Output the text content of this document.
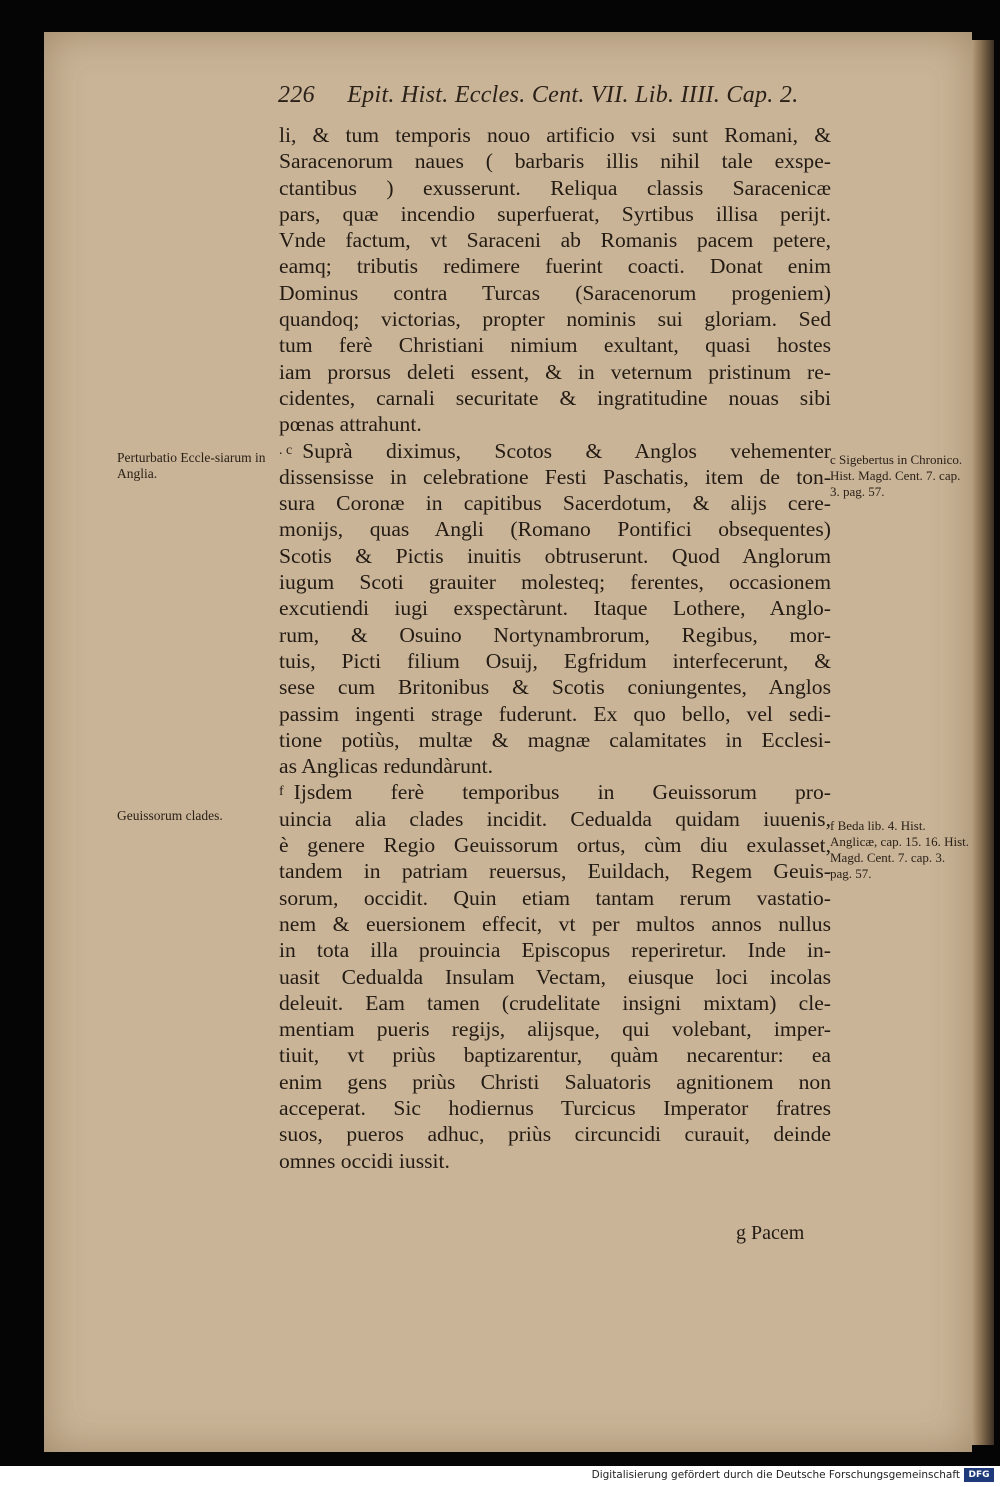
226 Epit. Hist. Eccles. Cent. VII. Lib. IIII. Cap. 2.
li, & tum temporis nouo artificio vsi sunt Romani, &
Saracenorum naues ( barbaris illis nihil tale exspe-
ctantibus ) exusserunt. Reliqua classis Saracenicæ
pars, quæ incendio superfuerat, Syrtibus illisa perijt.
Vnde factum, vt Saraceni ab Romanis pacem petere,
eamq; tributis redimere fuerint coacti. Donat enim
Dominus contra Turcas (Saracenorum progeniem)
quandoq; victorias, propter nominis sui gloriam. Sed
tum ferè Christiani nimium exultant, quasi hostes
iam prorsus deleti essent, & in veternum pristinum re-
cidentes, carnali securitate & ingratitudine nouas sibi
pœnas attrahunt.
. c Suprà diximus, Scotos & Anglos vehementer
dissensisse in celebratione Festi Paschatis, item de ton-
sura Coronæ in capitibus Sacerdotum, & alijs cere-
monijs, quas Angli (Romano Pontifici obsequentes)
Scotis & Pictis inuitis obtruserunt. Quod Anglorum
iugum Scoti grauiter molesteq; ferentes, occasionem
excutiendi iugi exspectàrunt. Itaque Lothere, Anglo-
rum, & Osuino Nortynambrorum, Regibus, mor-
tuis, Picti filium Osuij, Egfridum interfecerunt, &
sese cum Britonibus & Scotis coniungentes, Anglos
passim ingenti strage fuderunt. Ex quo bello, vel sedi-
tione potiùs, multæ & magnæ calamitates in Ecclesi-
as Anglicas redundàrunt.
f Ijsdem ferè temporibus in Geuissorum pro-
uincia alia clades incidit. Cedualda quidam iuuenis,
è genere Regio Geuissorum ortus, cùm diu exulasset,
tandem in patriam reuersus, Euildach, Regem Geuis-
sorum, occidit. Quin etiam tantam rerum vastatio-
nem & euersionem effecit, vt per multos annos nullus
in tota illa prouincia Episcopus reperiretur. Inde in-
uasit Cedualda Insulam Vectam, eiusque loci incolas
deleuit. Eam tamen (crudelitate insigni mixtam) cle-
mentiam pueris regijs, alijsque, qui volebant, imper-
tiuit, vt priùs baptizarentur, quàm necarentur: ea
enim gens priùs Christi Saluatoris agnitionem non
acceperat. Sic hodiernus Turcicus Imperator fratres
suos, pueros adhuc, priùs circuncidi curauit, deinde
omnes occidi iussit.
Perturbatio Eccle-siarum in Anglia.
Geuissorum clades.
c Sigebertus in Chronico. Hist. Magd. Cent. 7. cap. 3. pag. 57.
f Beda lib. 4. Hist. Anglicæ, cap. 15. 16. Hist. Magd. Cent. 7. cap. 3. pag. 57.
g Pacem
Digitalisierung gefördert durch die Deutsche Forschungsgemeinschaft DFG
